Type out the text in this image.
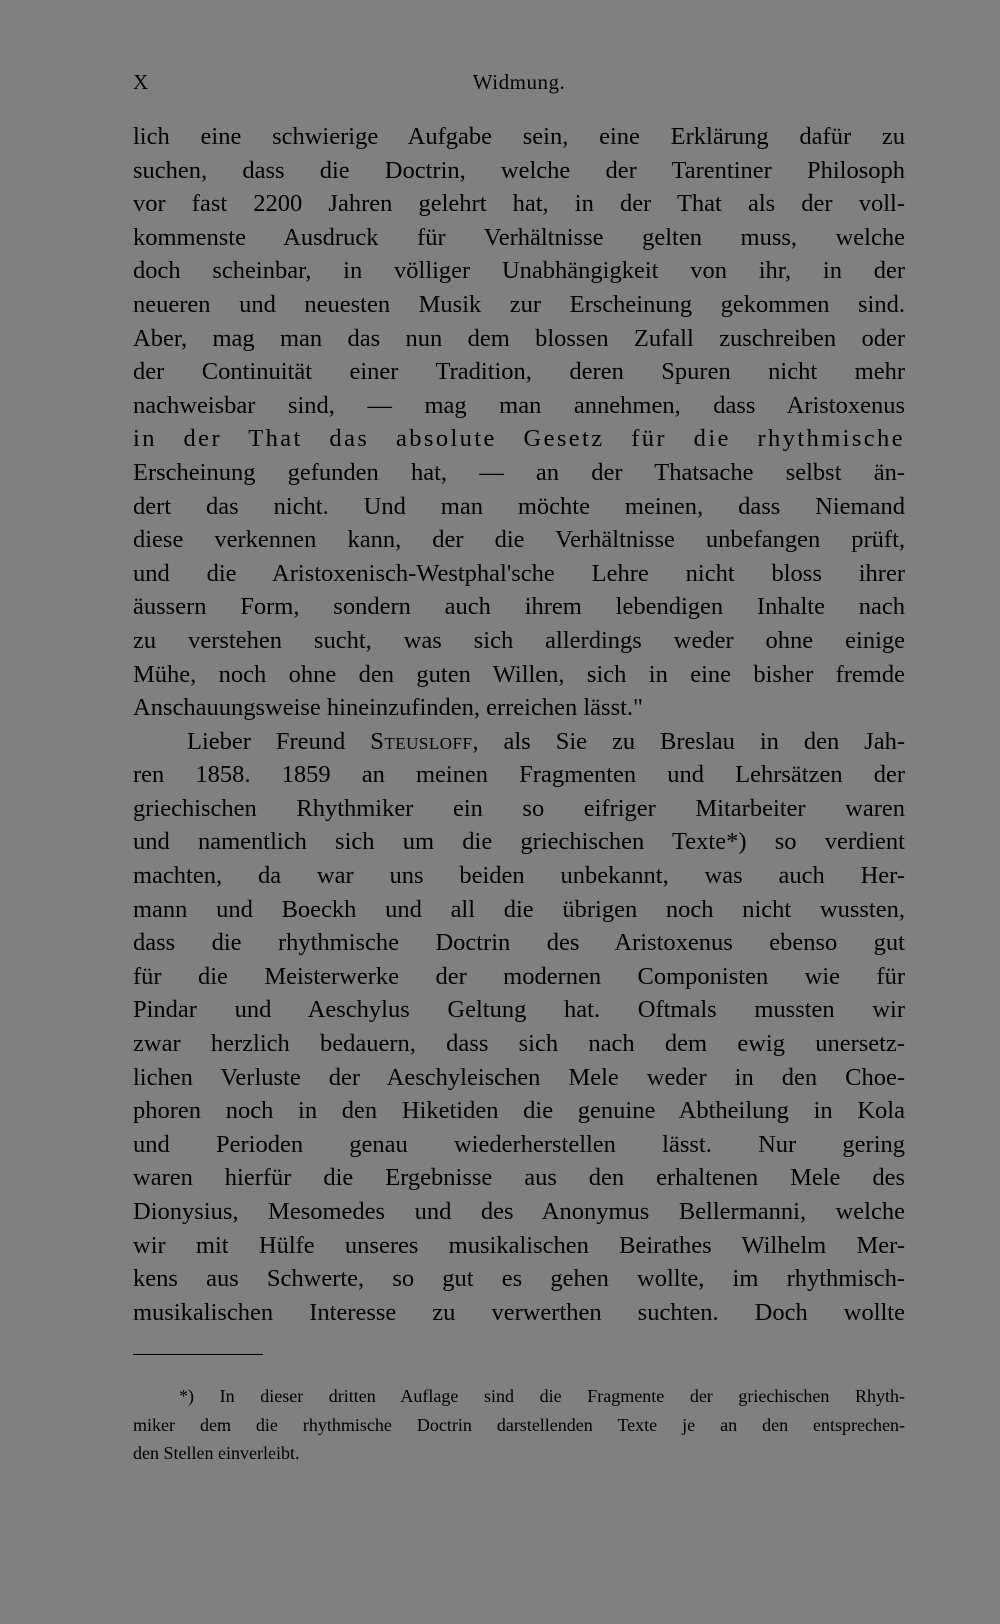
X	Widmung.
lich eine schwierige Aufgabe sein, eine Erklärung dafür zu
suchen, dass die Doctrin, welche der Tarentiner Philosoph
vor fast 2200 Jahren gelehrt hat, in der That als der voll-
kommenste Ausdruck für Verhältnisse gelten muss, welche
doch scheinbar, in völliger Unabhängigkeit von ihr, in der
neueren und neuesten Musik zur Erscheinung gekommen sind.
Aber, mag man das nun dem blossen Zufall zuschreiben oder
der Continuität einer Tradition, deren Spuren nicht mehr
nachweisbar sind, — mag man annehmen, dass Aristoxenus
in der That das absolute Gesetz für die rhythmische
Erscheinung gefunden hat, — an der Thatsache selbst än-
dert das nicht. Und man möchte meinen, dass Niemand
diese verkennen kann, der die Verhältnisse unbefangen prüft,
und die Aristoxenisch-Westphal'sche Lehre nicht bloss ihrer
äussern Form, sondern auch ihrem lebendigen Inhalte nach
zu verstehen sucht, was sich allerdings weder ohne einige
Mühe, noch ohne den guten Willen, sich in eine bisher fremde
Anschauungsweise hineinzufinden, erreichen lässt."
Lieber Freund Steusloff, als Sie zu Breslau in den Jah-
ren 1858. 1859 an meinen Fragmenten und Lehrsätzen der
griechischen Rhythmiker ein so eifriger Mitarbeiter waren
und namentlich sich um die griechischen Texte*) so verdient
machten, da war uns beiden unbekannt, was auch Her-
mann und Boeckh und all die übrigen noch nicht wussten,
dass die rhythmische Doctrin des Aristoxenus ebenso gut
für die Meisterwerke der modernen Componisten wie für
Pindar und Aeschylus Geltung hat. Oftmals mussten wir
zwar herzlich bedauern, dass sich nach dem ewig unersetz-
lichen Verluste der Aeschyleischen Mele weder in den Choe-
phoren noch in den Hiketiden die genuine Abtheilung in Kola
und Perioden genau wiederherstellen lässt. Nur gering
waren hierfür die Ergebnisse aus den erhaltenen Mele des
Dionysius, Mesomedes und des Anonymus Bellermanni, welche
wir mit Hülfe unseres musikalischen Beirathes Wilhelm Mer-
kens aus Schwerte, so gut es gehen wollte, im rhythmisch-
musikalischen Interesse zu verwerthen suchten. Doch wollte
*) In dieser dritten Auflage sind die Fragmente der griechischen Rhyth-
miker dem die rhythmische Doctrin darstellenden Texte je an den entsprechen-
den Stellen einverleibt.
